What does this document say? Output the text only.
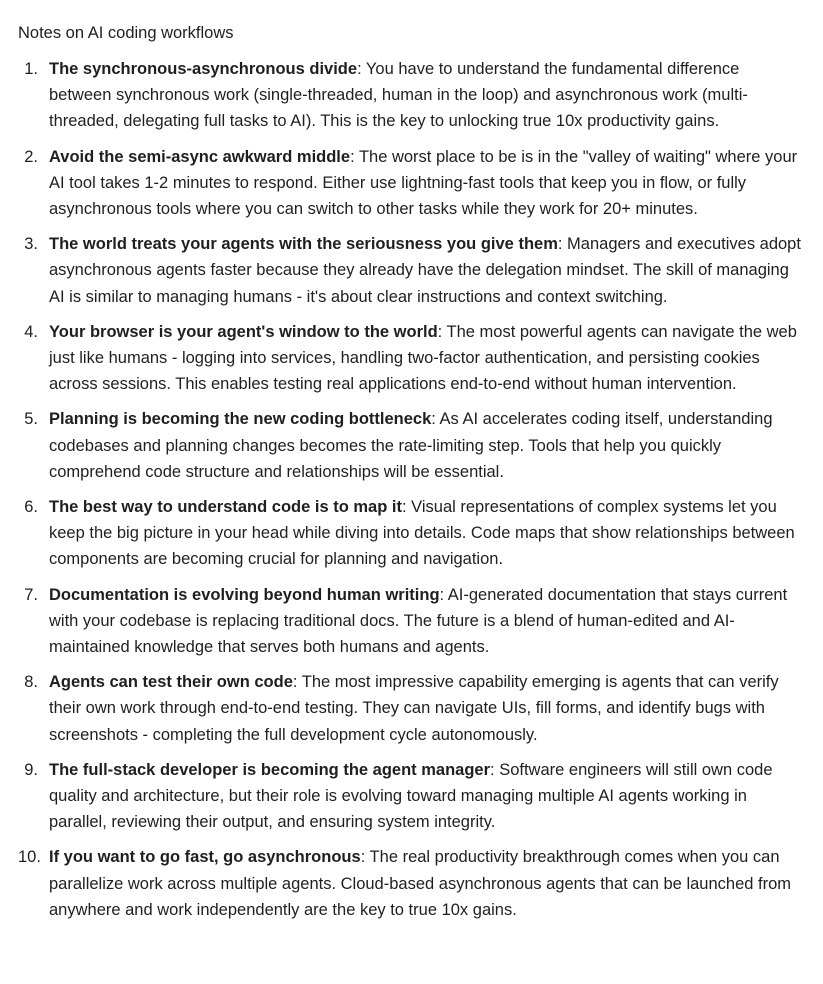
Notes on AI coding workflows
1. The synchronous-asynchronous divide: You have to understand the fundamental difference between synchronous work (single-threaded, human in the loop) and asynchronous work (multi-threaded, delegating full tasks to AI). This is the key to unlocking true 10x productivity gains.
2. Avoid the semi-async awkward middle: The worst place to be is in the "valley of waiting" where your AI tool takes 1-2 minutes to respond. Either use lightning-fast tools that keep you in flow, or fully asynchronous tools where you can switch to other tasks while they work for 20+ minutes.
3. The world treats your agents with the seriousness you give them: Managers and executives adopt asynchronous agents faster because they already have the delegation mindset. The skill of managing AI is similar to managing humans - it's about clear instructions and context switching.
4. Your browser is your agent's window to the world: The most powerful agents can navigate the web just like humans - logging into services, handling two-factor authentication, and persisting cookies across sessions. This enables testing real applications end-to-end without human intervention.
5. Planning is becoming the new coding bottleneck: As AI accelerates coding itself, understanding codebases and planning changes becomes the rate-limiting step. Tools that help you quickly comprehend code structure and relationships will be essential.
6. The best way to understand code is to map it: Visual representations of complex systems let you keep the big picture in your head while diving into details. Code maps that show relationships between components are becoming crucial for planning and navigation.
7. Documentation is evolving beyond human writing: AI-generated documentation that stays current with your codebase is replacing traditional docs. The future is a blend of human-edited and AI-maintained knowledge that serves both humans and agents.
8. Agents can test their own code: The most impressive capability emerging is agents that can verify their own work through end-to-end testing. They can navigate UIs, fill forms, and identify bugs with screenshots - completing the full development cycle autonomously.
9. The full-stack developer is becoming the agent manager: Software engineers will still own code quality and architecture, but their role is evolving toward managing multiple AI agents working in parallel, reviewing their output, and ensuring system integrity.
10. If you want to go fast, go asynchronous: The real productivity breakthrough comes when you can parallelize work across multiple agents. Cloud-based asynchronous agents that can be launched from anywhere and work independently are the key to true 10x gains.
